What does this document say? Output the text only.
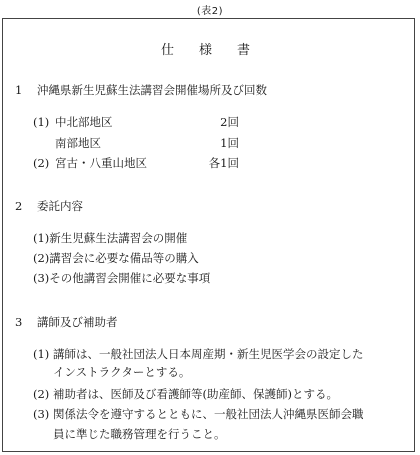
(表2)
仕　様　書
1 沖縄県新生児蘇生法講習会開催場所及び回数
(1) 中北部地区	2回
南部地区	1回
(2) 宮古・八重山地区	各1回
2 委託内容
(1)新生児蘇生法講習会の開催
(2)講習会に必要な備品等の購入
(3)その他講習会開催に必要な事項
3 講師及び補助者
(1) 講師は、一般社団法人日本周産期・新生児医学会の設定した
インストラクターとする。
(2) 補助者は、医師及び看護師等(助産師、保護師)とする。
(3) 関係法令を遵守するとともに、一般社団法人沖縄県医師会職
員に準じた職務管理を行うこと。
